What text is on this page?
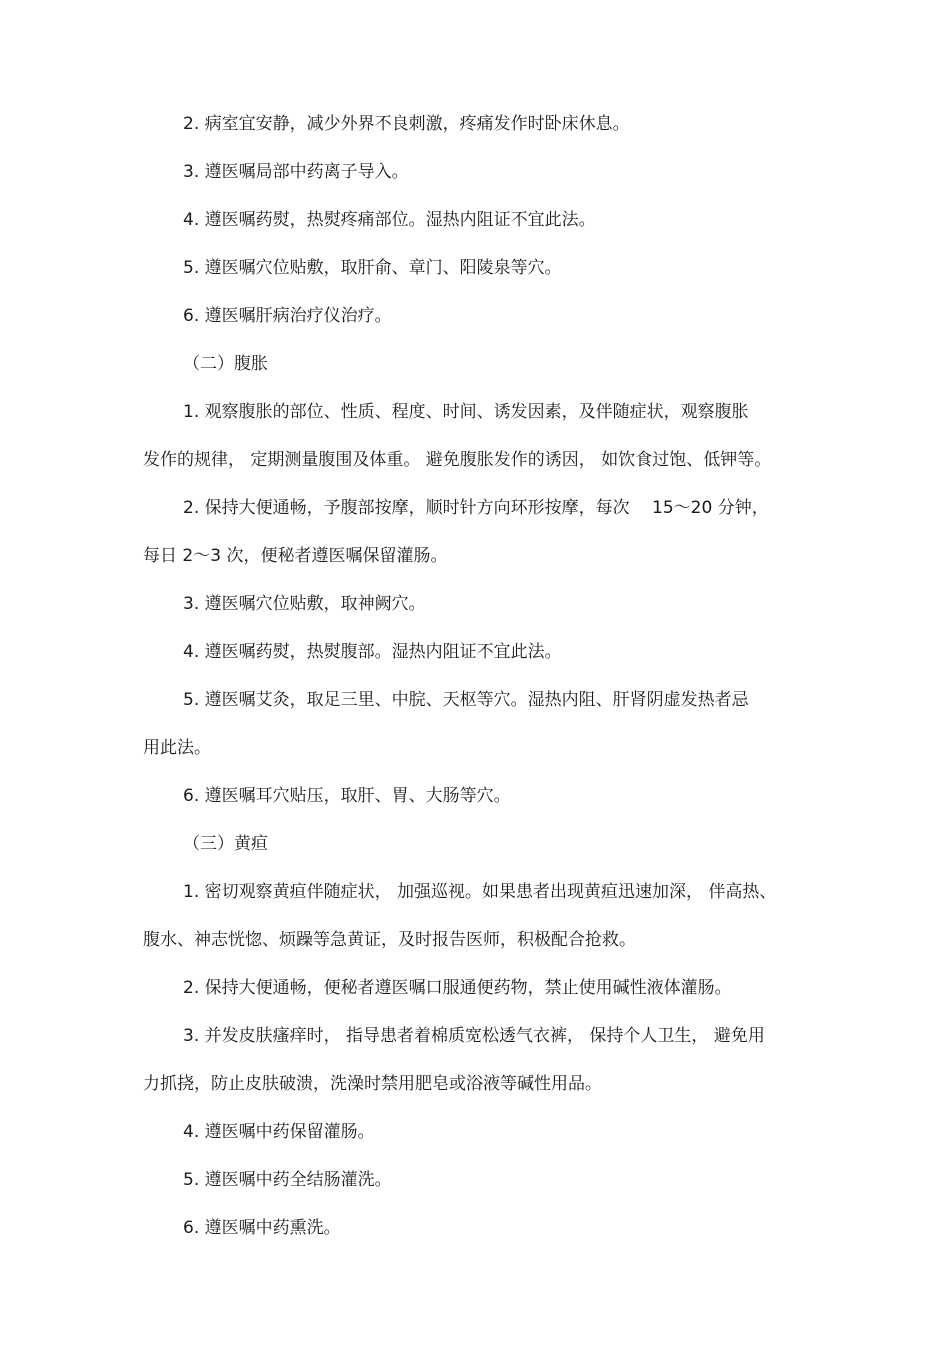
2. 病室宜安静，减少外界不良刺激，疼痛发作时卧床休息。
3. 遵医嘱局部中药离子导入。
4. 遵医嘱药熨，热熨疼痛部位。湿热内阻证不宜此法。
5. 遵医嘱穴位贴敷，取肝俞、章门、阳陵泉等穴。
6. 遵医嘱肝病治疗仪治疗。
（二）腹胀
1. 观察腹胀的部位、性质、程度、时间、诱发因素，及伴随症状，观察腹胀
发作的规律， 定期测量腹围及体重。 避免腹胀发作的诱因， 如饮食过饱、低钾等。
2. 保持大便通畅，予腹部按摩，顺时针方向环形按摩，每次　 15～20 分钟，
每日 2～3 次，便秘者遵医嘱保留灌肠。
3. 遵医嘱穴位贴敷，取神阙穴。
4. 遵医嘱药熨，热熨腹部。湿热内阻证不宜此法。
5. 遵医嘱艾灸，取足三里、中脘、天枢等穴。湿热内阻、肝肾阴虚发热者忌
用此法。
6. 遵医嘱耳穴贴压，取肝、胃、大肠等穴。
（三）黄疸
1. 密切观察黄疸伴随症状， 加强巡视。如果患者出现黄疸迅速加深， 伴高热、
腹水、神志恍惚、烦躁等急黄证，及时报告医师，积极配合抢救。
2. 保持大便通畅，便秘者遵医嘱口服通便药物，禁止使用碱性液体灌肠。
3. 并发皮肤瘙痒时， 指导患者着棉质宽松透气衣裤， 保持个人卫生， 避免用
力抓挠，防止皮肤破溃，洗澡时禁用肥皂或浴液等碱性用品。
4. 遵医嘱中药保留灌肠。
5. 遵医嘱中药全结肠灌洗。
6. 遵医嘱中药熏洗。
